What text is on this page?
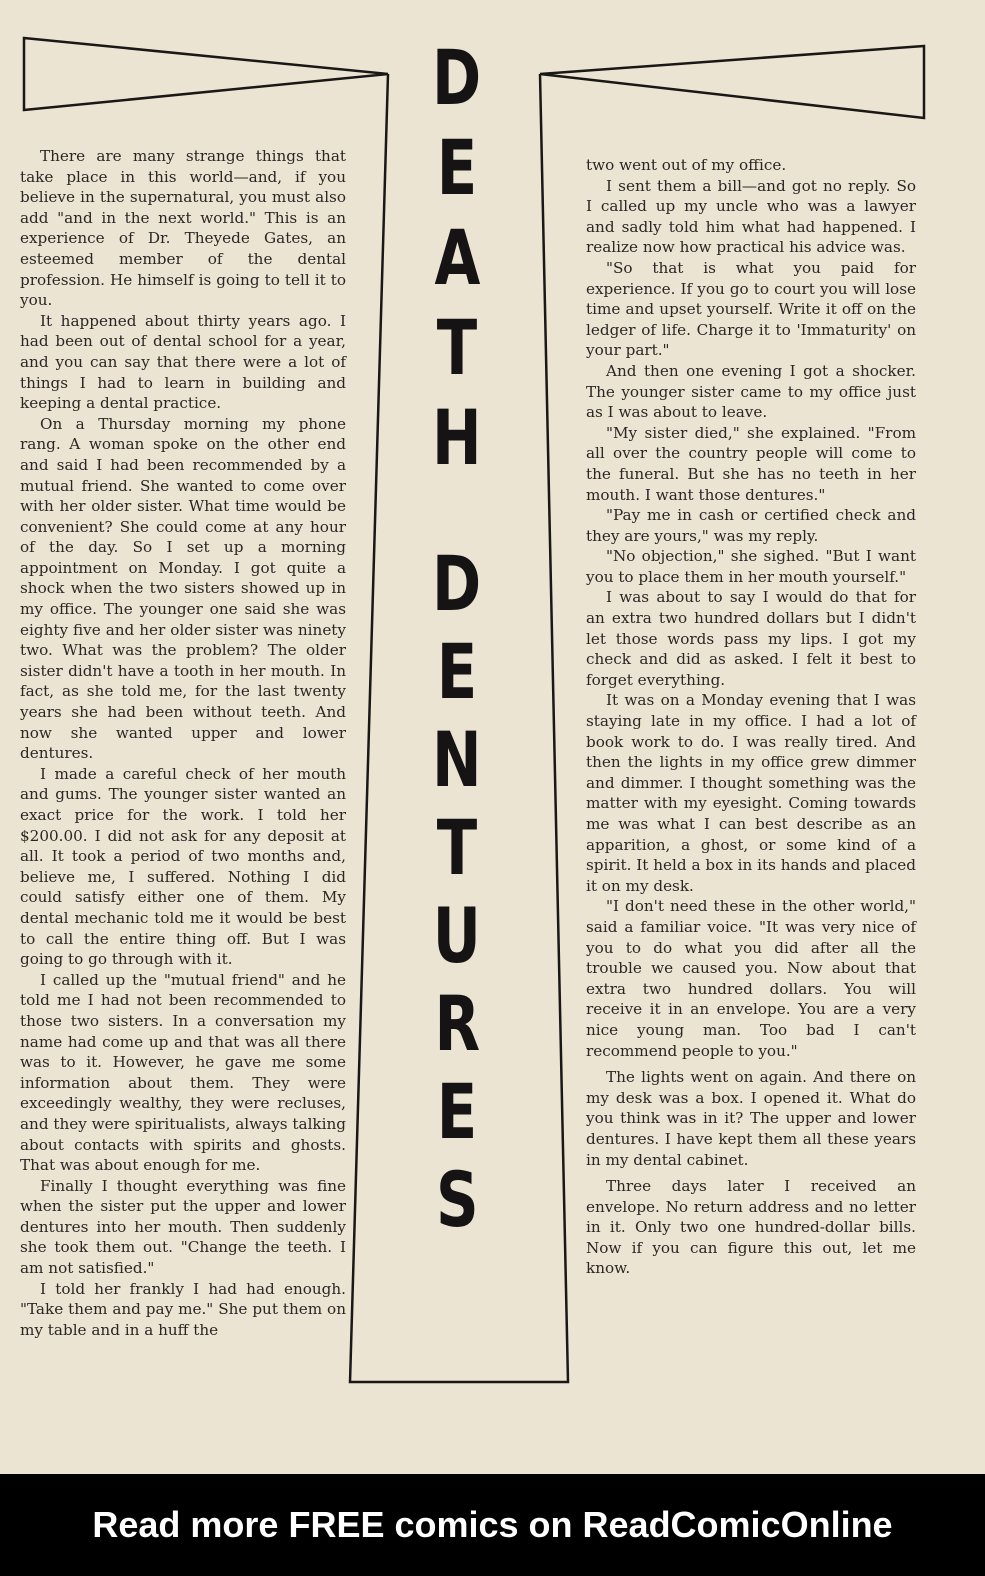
D
E
A
T
H
D
E
N
T
U
R
E
S

There are many strange things that take place in this world—and, if you believe in the supernatural, you must also add "and in the next world." This is an experience of Dr. Theyede Gates, an esteemed member of the dental profession. He himself is going to tell it to you.

It happened about thirty years ago. I had been out of dental school for a year, and you can say that there were a lot of things I had to learn in building and keeping a dental practice.

On a Thursday morning my phone rang. A woman spoke on the other end and said I had been recommended by a mutual friend. She wanted to come over with her older sister. What time would be convenient? She could come at any hour of the day. So I set up a morning appointment on Monday. I got quite a shock when the two sisters showed up in my office. The younger one said she was eighty five and her older sister was ninety two. What was the problem? The older sister didn't have a tooth in her mouth. In fact, as she told me, for the last twenty years she had been without teeth. And now she wanted upper and lower dentures.

I made a careful check of her mouth and gums. The younger sister wanted an exact price for the work. I told her $200.00. I did not ask for any deposit at all. It took a period of two months and, believe me, I suffered. Nothing I did could satisfy either one of them. My dental mechanic told me it would be best to call the entire thing off. But I was going to go through with it.

I called up the "mutual friend" and he told me I had not been recommended to those two sisters. In a conversation my name had come up and that was all there was to it. However, he gave me some information about them. They were exceedingly wealthy, they were recluses, and they were spiritualists, always talking about contacts with spirits and ghosts. That was about enough for me.

Finally I thought everything was fine when the sister put the upper and lower dentures into her mouth. Then suddenly she took them out. "Change the teeth. I am not satisfied."

I told her frankly I had had enough. "Take them and pay me." She put them on my table and in a huff the

two went out of my office.

I sent them a bill—and got no reply. So I called up my uncle who was a lawyer and sadly told him what had happened. I realize now how practical his advice was.

"So that is what you paid for experience. If you go to court you will lose time and upset yourself. Write it off on the ledger of life. Charge it to 'Immaturity' on your part."

And then one evening I got a shocker. The younger sister came to my office just as I was about to leave.

"My sister died," she explained. "From all over the country people will come to the funeral. But she has no teeth in her mouth. I want those dentures."

"Pay me in cash or certified check and they are yours," was my reply.

"No objection," she sighed. "But I want you to place them in her mouth yourself."

I was about to say I would do that for an extra two hundred dollars but I didn't let those words pass my lips. I got my check and did as asked. I felt it best to forget everything.

It was on a Monday evening that I was staying late in my office. I had a lot of book work to do. I was really tired. And then the lights in my office grew dimmer and dimmer. I thought something was the matter with my eyesight. Coming towards me was what I can best describe as an apparition, a ghost, or some kind of a spirit. It held a box in its hands and placed it on my desk.

"I don't need these in the other world," said a familiar voice. "It was very nice of you to do what you did after all the trouble we caused you. Now about that extra two hundred dollars. You will receive it in an envelope. You are a very nice young man. Too bad I can't recommend people to you."

The lights went on again. And there on my desk was a box. I opened it. What do you think was in it? The upper and lower dentures. I have kept them all these years in my dental cabinet.

Three days later I received an envelope. No return address and no letter in it. Only two one hundred-dollar bills. Now if you can figure this out, let me know.

Read more FREE comics on ReadComicOnline
